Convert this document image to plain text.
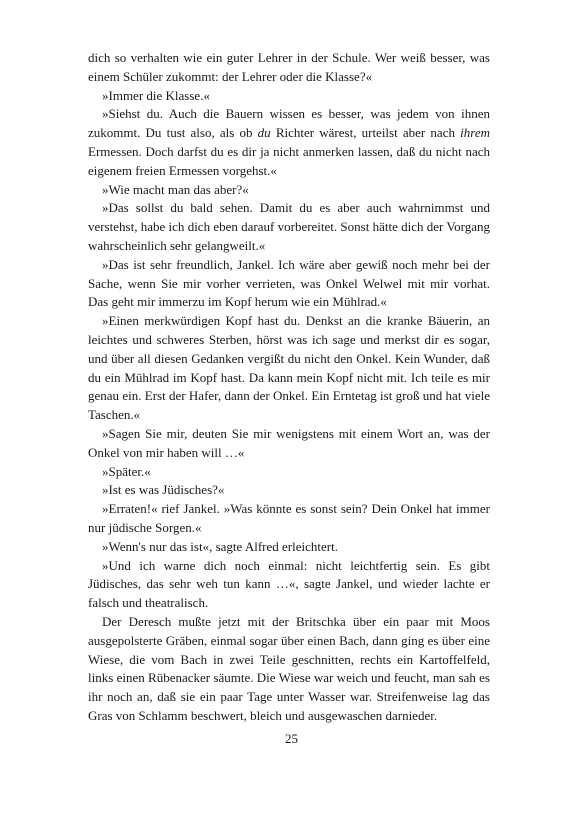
dich so verhalten wie ein guter Lehrer in der Schule. Wer weiß besser, was einem Schüler zukommt: der Lehrer oder die Klasse?«

»Immer die Klasse.«

»Siehst du. Auch die Bauern wissen es besser, was jedem von ihnen zukommt. Du tust also, als ob du Richter wärest, urteilst aber nach ihrem Ermessen. Doch darfst du es dir ja nicht anmerken lassen, daß du nicht nach eigenem freien Ermessen vorgehst.«

»Wie macht man das aber?«

»Das sollst du bald sehen. Damit du es aber auch wahrnimmst und verstehst, habe ich dich eben darauf vorbereitet. Sonst hätte dich der Vorgang wahrscheinlich sehr gelangweilt.«

»Das ist sehr freundlich, Jankel. Ich wäre aber gewiß noch mehr bei der Sache, wenn Sie mir vorher verrieten, was Onkel Welwel mit mir vorhat. Das geht mir immerzu im Kopf herum wie ein Mühlrad.«

»Einen merkwürdigen Kopf hast du. Denkst an die kranke Bäuerin, an leichtes und schweres Sterben, hörst was ich sage und merkst dir es sogar, und über all diesen Gedanken vergißt du nicht den Onkel. Kein Wunder, daß du ein Mühlrad im Kopf hast. Da kann mein Kopf nicht mit. Ich teile es mir genau ein. Erst der Hafer, dann der Onkel. Ein Erntetag ist groß und hat viele Taschen.«

»Sagen Sie mir, deuten Sie mir wenigstens mit einem Wort an, was der Onkel von mir haben will …«

»Später.«

»Ist es was Jüdisches?«

»Erraten!« rief Jankel. »Was könnte es sonst sein? Dein Onkel hat immer nur jüdische Sorgen.«

»Wenn's nur das ist«, sagte Alfred erleichtert.

»Und ich warne dich noch einmal: nicht leichtfertig sein. Es gibt Jüdisches, das sehr weh tun kann …«, sagte Jankel, und wieder lachte er falsch und theatralisch.

Der Deresch mußte jetzt mit der Britschka über ein paar mit Moos ausgepolsterte Gräben, einmal sogar über einen Bach, dann ging es über eine Wiese, die vom Bach in zwei Teile geschnitten, rechts ein Kartoffelfeld, links einen Rübenacker säumte. Die Wiese war weich und feucht, man sah es ihr noch an, daß sie ein paar Tage unter Wasser war. Streifenweise lag das Gras von Schlamm beschwert, bleich und ausgewaschen darnieder.

25
